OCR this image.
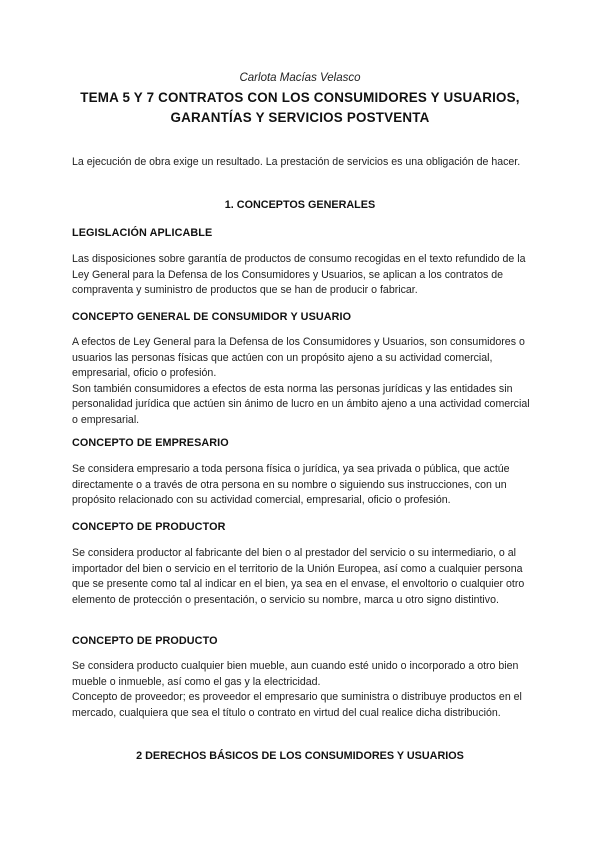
Carlota Macías Velasco
TEMA 5 Y 7 CONTRATOS CON LOS CONSUMIDORES Y USUARIOS, GARANTÍAS Y SERVICIOS POSTVENTA

La ejecución de obra exige un resultado. La prestación de servicios es una obligación de hacer.

1. CONCEPTOS GENERALES
LEGISLACIÓN APLICABLE

Las disposiciones sobre garantía de productos de consumo recogidas en el texto refundido de la Ley General para la Defensa de los Consumidores y Usuarios, se aplican a los contratos de compraventa y suministro de productos que se han de producir o fabricar.

CONCEPTO GENERAL DE CONSUMIDOR Y USUARIO

A efectos de Ley General para la Defensa de los Consumidores y Usuarios, son consumidores o usuarios las personas físicas que actúen con un propósito ajeno a su actividad comercial, empresarial, oficio o profesión.

Son también consumidores a efectos de esta norma las personas jurídicas y las entidades sin personalidad jurídica que actúen sin ánimo de lucro en un ámbito ajeno a una actividad comercial o empresarial.

CONCEPTO DE EMPRESARIO

Se considera empresario a toda persona física o jurídica, ya sea privada o pública, que actúe directamente o a través de otra persona en su nombre o siguiendo sus instrucciones, con un propósito relacionado con su actividad comercial, empresarial, oficio o profesión.

CONCEPTO DE PRODUCTOR

Se considera productor al fabricante del bien o al prestador del servicio o su intermediario, o al importador del bien o servicio en el territorio de la Unión Europea, así como a cualquier persona que se presente como tal al indicar en el bien, ya sea en el envase, el envoltorio o cualquier otro elemento de protección o presentación, o servicio su nombre, marca u otro signo distintivo.

CONCEPTO DE PRODUCTO

Se considera producto cualquier bien mueble, aun cuando esté unido o incorporado a otro bien mueble o inmueble, así como el gas y la electricidad.

Concepto de proveedor; es proveedor el empresario que suministra o distribuye productos en el mercado, cualquiera que sea el título o contrato en virtud del cual realice dicha distribución.

2 DERECHOS BÁSICOS DE LOS CONSUMIDORES Y USUARIOS
